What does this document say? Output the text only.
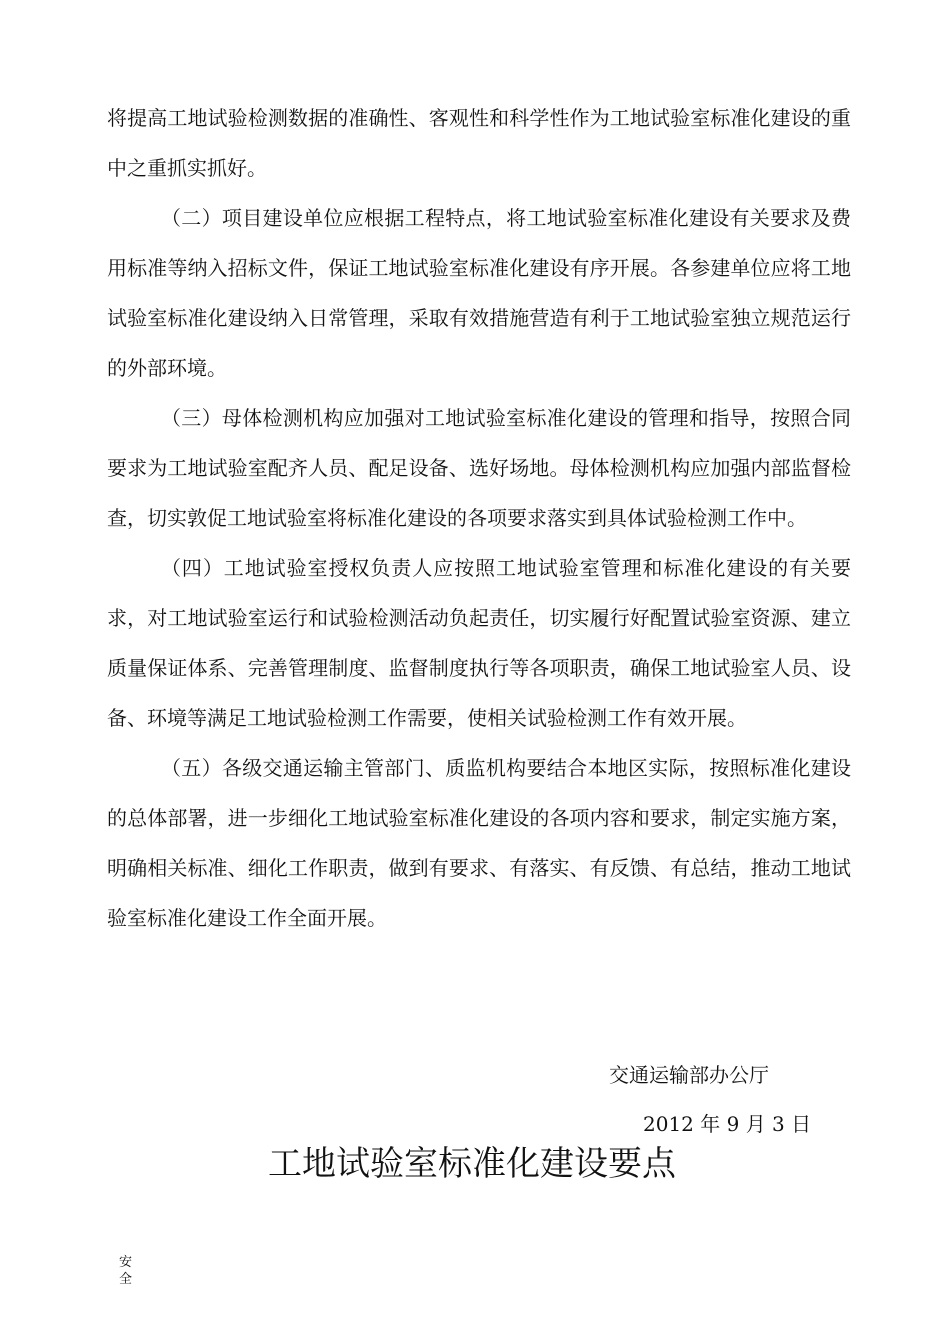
将提高工地试验检测数据的准确性、客观性和科学性作为工地试验室标准化建设的重中之重抓实抓好。

（二）项目建设单位应根据工程特点，将工地试验室标准化建设有关要求及费用标准等纳入招标文件，保证工地试验室标准化建设有序开展。各参建单位应将工地试验室标准化建设纳入日常管理，采取有效措施营造有利于工地试验室独立规范运行的外部环境。

（三）母体检测机构应加强对工地试验室标准化建设的管理和指导，按照合同要求为工地试验室配齐人员、配足设备、选好场地。母体检测机构应加强内部监督检查，切实敦促工地试验室将标准化建设的各项要求落实到具体试验检测工作中。

（四）工地试验室授权负责人应按照工地试验室管理和标准化建设的有关要求，对工地试验室运行和试验检测活动负起责任，切实履行好配置试验室资源、建立质量保证体系、完善管理制度、监督制度执行等各项职责，确保工地试验室人员、设备、环境等满足工地试验检测工作需要，使相关试验检测工作有效开展。

（五）各级交通运输主管部门、质监机构要结合本地区实际，按照标准化建设的总体部署，进一步细化工地试验室标准化建设的各项内容和要求，制定实施方案，明确相关标准、细化工作职责，做到有要求、有落实、有反馈、有总结，推动工地试验室标准化建设工作全面开展。

交通运输部办公厅
2012 年 9 月 3 日
工地试验室标准化建设要点
安全
